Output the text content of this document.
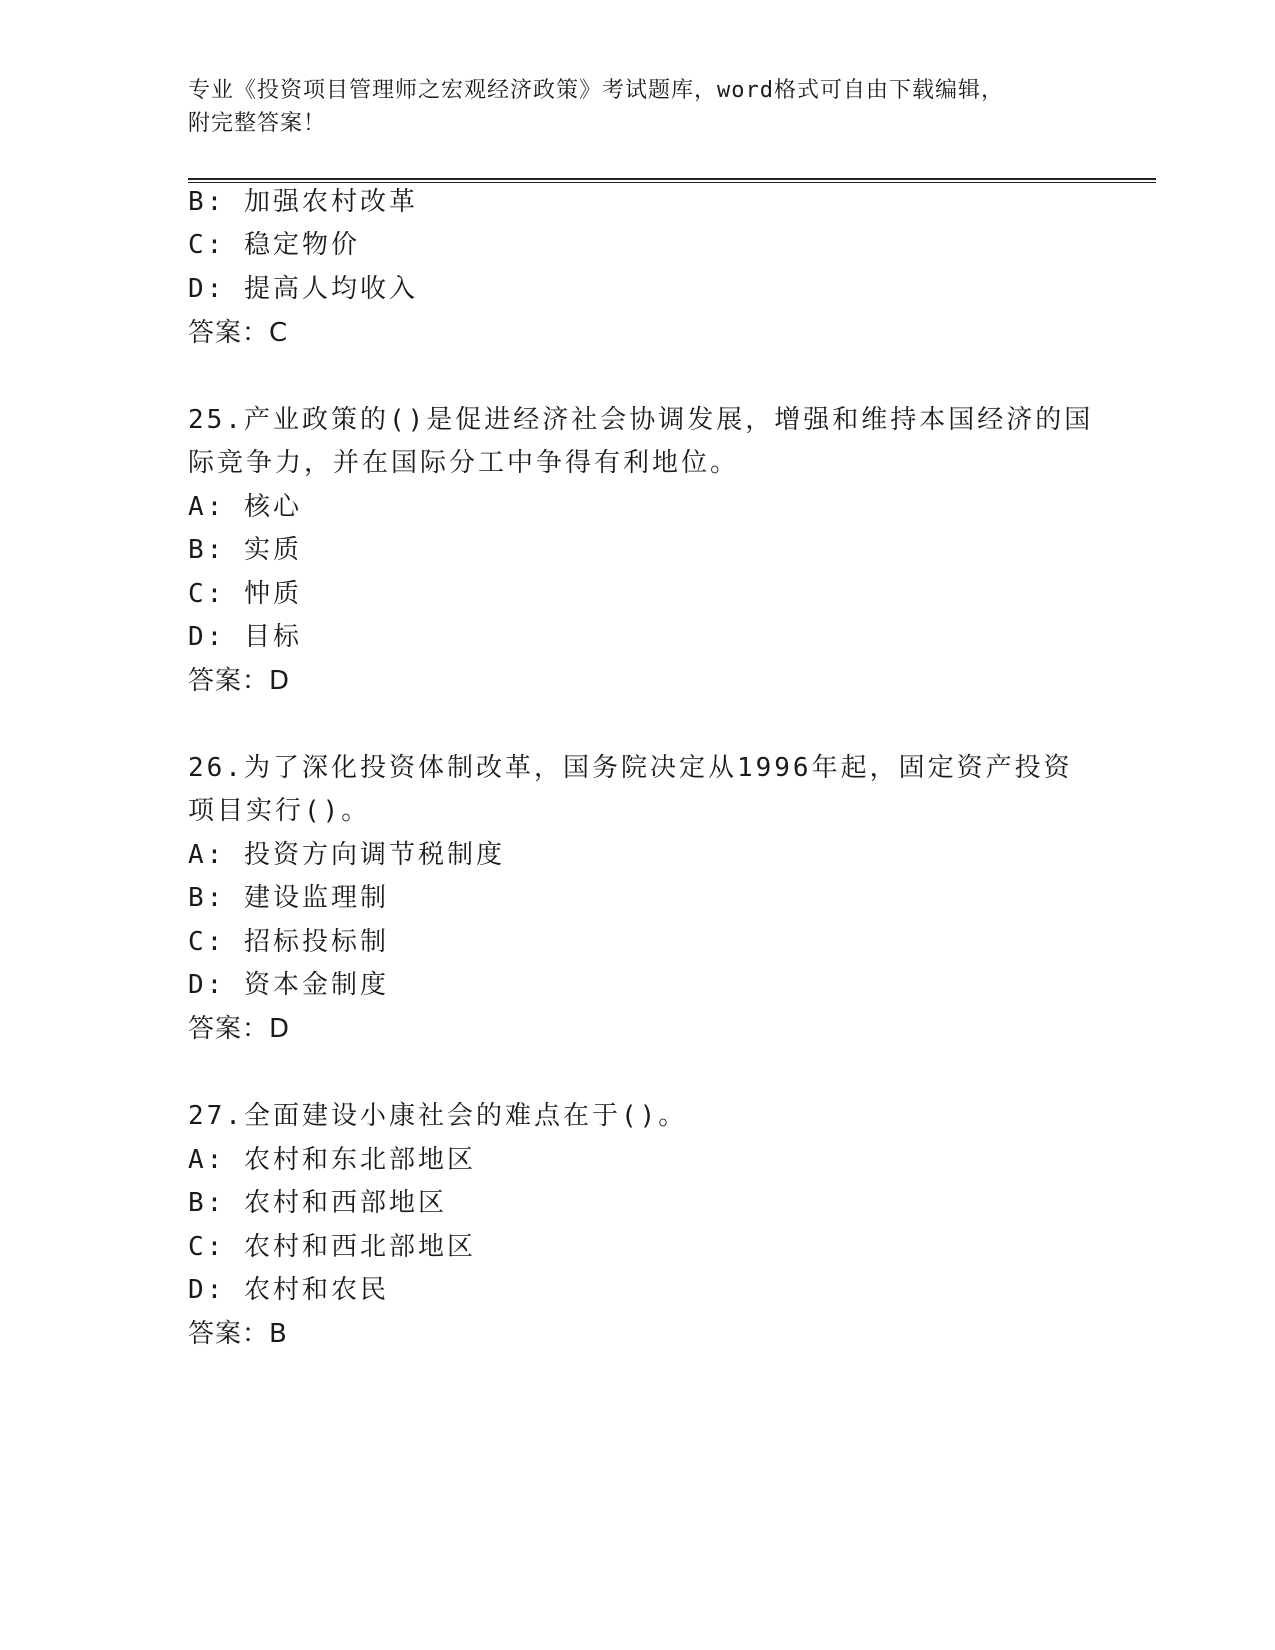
专业《投资项目管理师之宏观经济政策》考试题库，word格式可自由下载编辑，
附完整答案！
B: 加强农村改革
C: 稳定物价
D: 提高人均收入
答案：C
25.产业政策的()是促进经济社会协调发展，增强和维持本国经济的国
际竞争力，并在国际分工中争得有利地位。
A: 核心
B: 实质
C: 忡质
D: 目标
答案：D
26.为了深化投资体制改革，国务院决定从1996年起，固定资产投资
项目实行()。
A: 投资方向调节税制度
B: 建设监理制
C: 招标投标制
D: 资本金制度
答案：D
27.全面建设小康社会的难点在于()。
A: 农村和东北部地区
B: 农村和西部地区
C: 农村和西北部地区
D: 农村和农民
答案：B
